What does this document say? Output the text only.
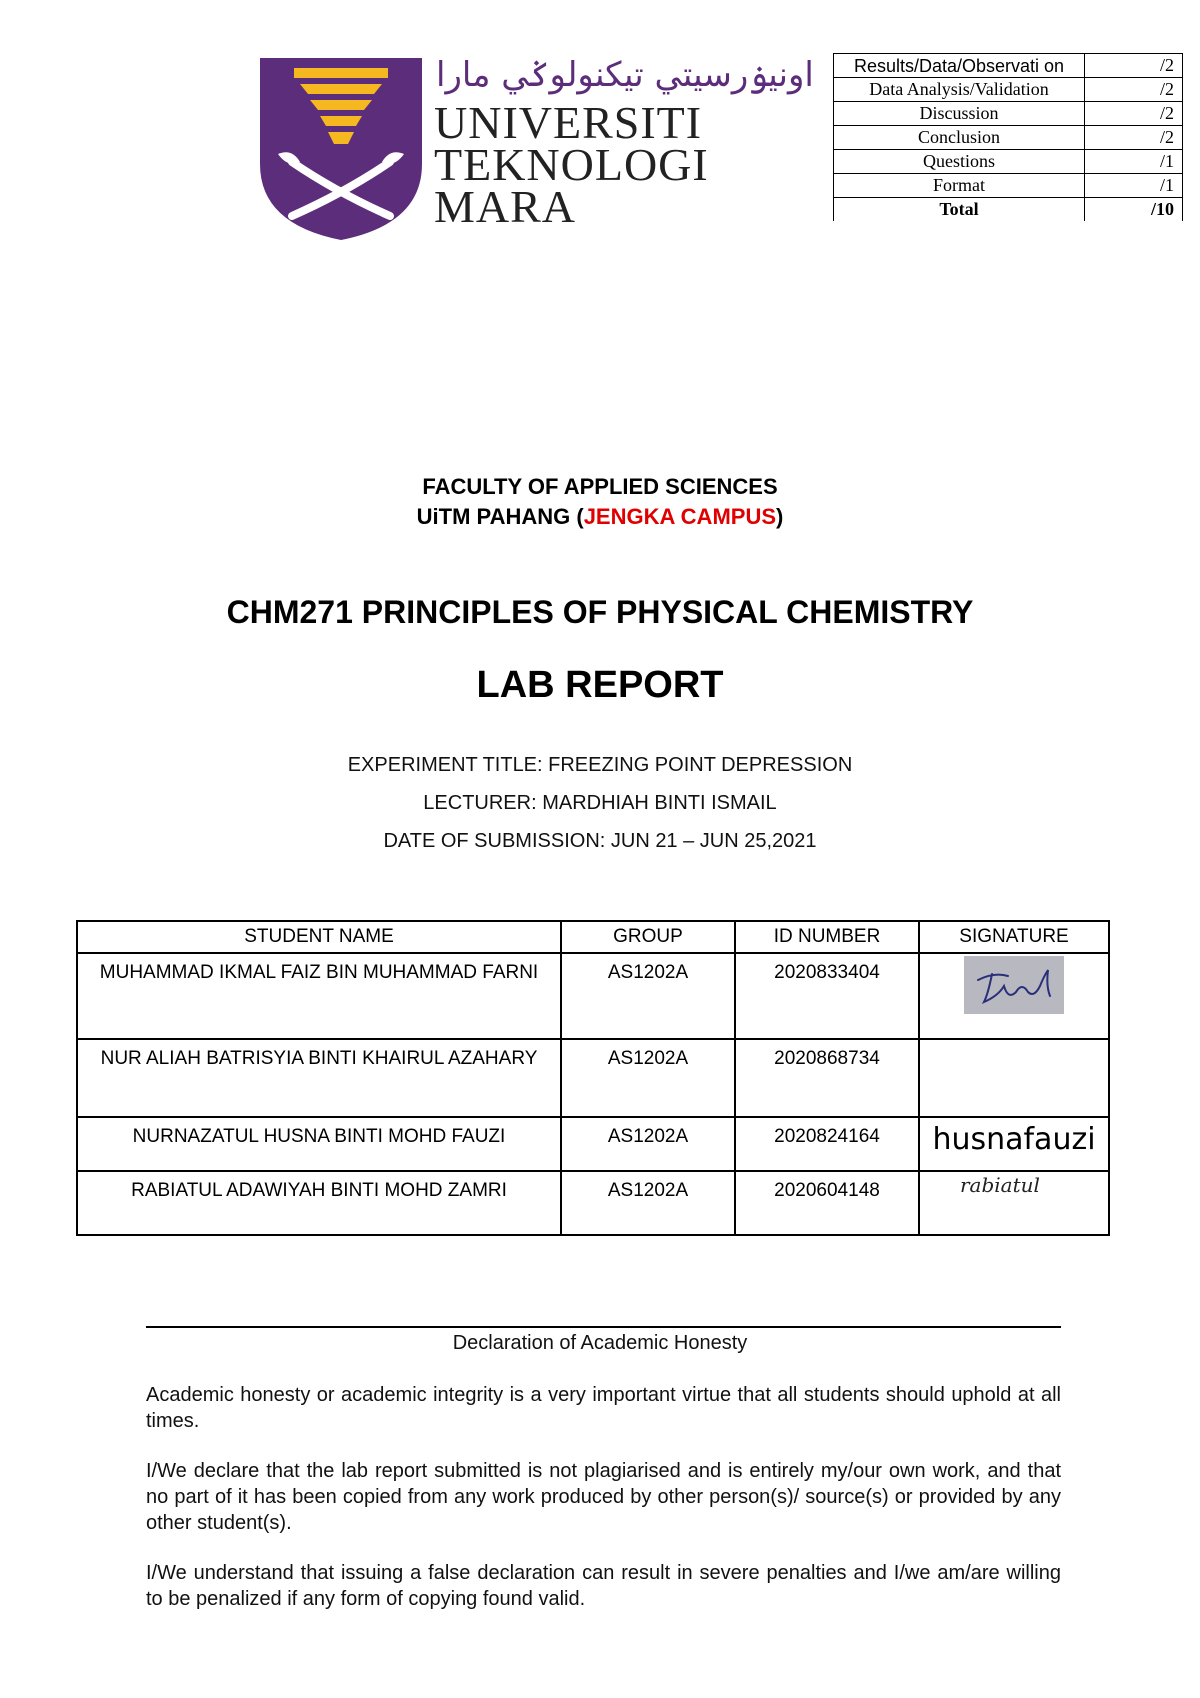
اونيۏرسيتي تيكنولوݢي مارا
UNIVERSITI
TEKNOLOGI
MARA
Results/Data/Observati on	/2
Data Analysis/Validation	/2
Discussion	/2
Conclusion	/2
Questions	/1
Format	/1
Total	/10
FACULTY OF APPLIED SCIENCES
UiTM PAHANG (JENGKA CAMPUS)
CHM271 PRINCIPLES OF PHYSICAL CHEMISTRY
LAB REPORT
EXPERIMENT TITLE: FREEZING POINT DEPRESSION
LECTURER: MARDHIAH BINTI ISMAIL
DATE OF SUBMISSION: JUN 21 – JUN 25,2021
STUDENT NAME	GROUP	ID NUMBER	SIGNATURE
MUHAMMAD IKMAL FAIZ BIN MUHAMMAD FARNI	AS1202A	2020833404	
NUR ALIAH BATRISYIA BINTI KHAIRUL AZAHARY	AS1202A	2020868734	
NURNAZATUL HUSNA BINTI MOHD FAUZI	AS1202A	2020824164	husnafauzi
RABIATUL ADAWIYAH BINTI MOHD ZAMRI	AS1202A	2020604148	rabiatul
Declaration of Academic Honesty
Academic honesty or academic integrity is a very important virtue that all students should uphold at all times.
I/We declare that the lab report submitted is not plagiarised and is entirely my/our own work, and that no part of it has been copied from any work produced by other person(s)/ source(s) or provided by any other student(s).
I/We understand that issuing a false declaration can result in severe penalties and I/we am/are willing to be penalized if any form of copying found valid.
